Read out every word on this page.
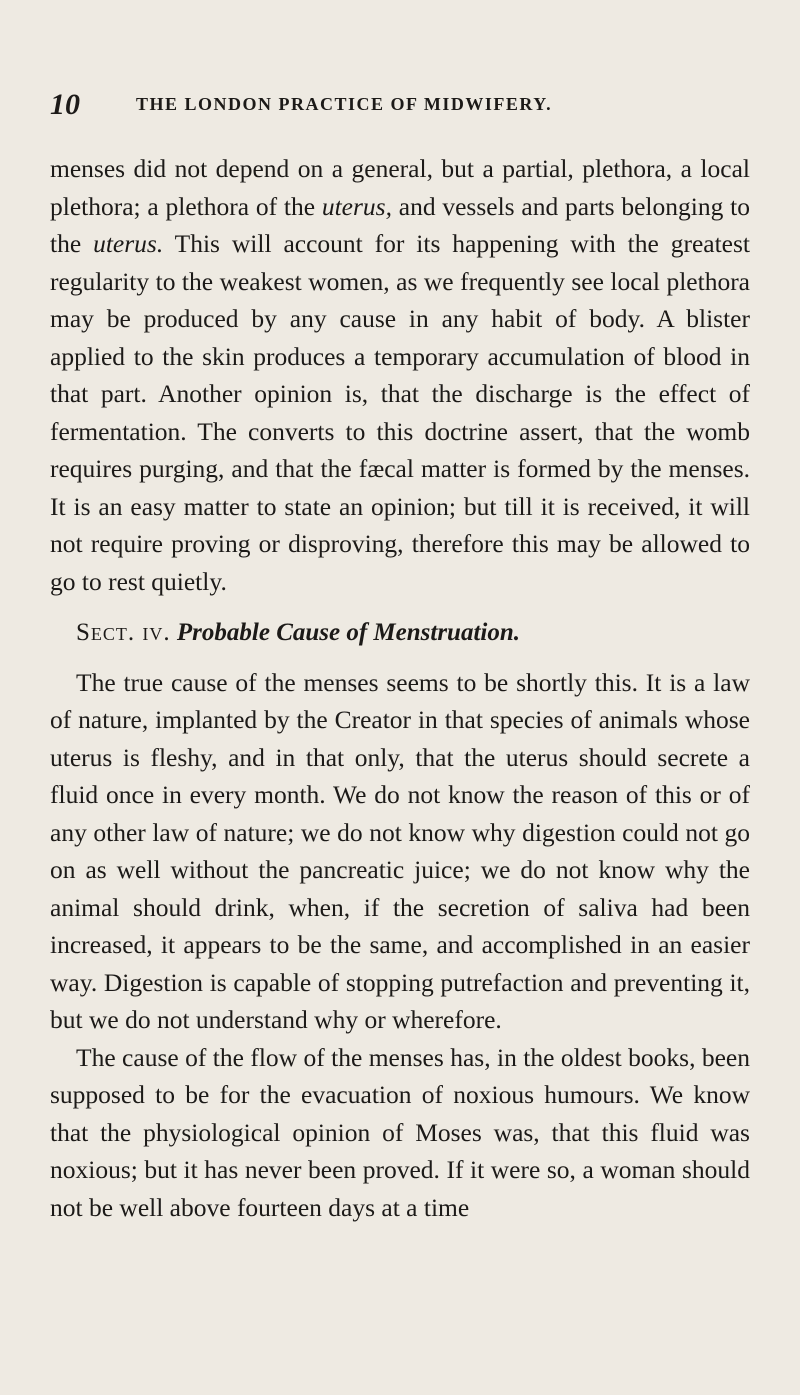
10	THE LONDON PRACTICE OF MIDWIFERY.

menses did not depend on a general, but a partial, plethora, a local plethora; a plethora of the uterus, and vessels and parts belonging to the uterus. This will account for its happening with the greatest regularity to the weakest women, as we frequently see local plethora may be produced by any cause in any habit of body. A blister applied to the skin produces a temporary accumulation of blood in that part. Another opinion is, that the discharge is the effect of fermentation. The converts to this doctrine assert, that the womb requires purging, and that the fæcal matter is formed by the menses. It is an easy matter to state an opinion; but till it is received, it will not require proving or disproving, therefore this may be allowed to go to rest quietly.

Sect. iv. Probable Cause of Menstruation.

The true cause of the menses seems to be shortly this. It is a law of nature, implanted by the Creator in that species of animals whose uterus is fleshy, and in that only, that the uterus should secrete a fluid once in every month. We do not know the reason of this or of any other law of nature; we do not know why digestion could not go on as well without the pancreatic juice; we do not know why the animal should drink, when, if the secretion of saliva had been increased, it appears to be the same, and accomplished in an easier way. Digestion is capable of stopping putrefaction and preventing it, but we do not understand why or wherefore.

The cause of the flow of the menses has, in the oldest books, been supposed to be for the evacuation of noxious humours. We know that the physiological opinion of Moses was, that this fluid was noxious; but it has never been proved. If it were so, a woman should not be well above fourteen days at a time
